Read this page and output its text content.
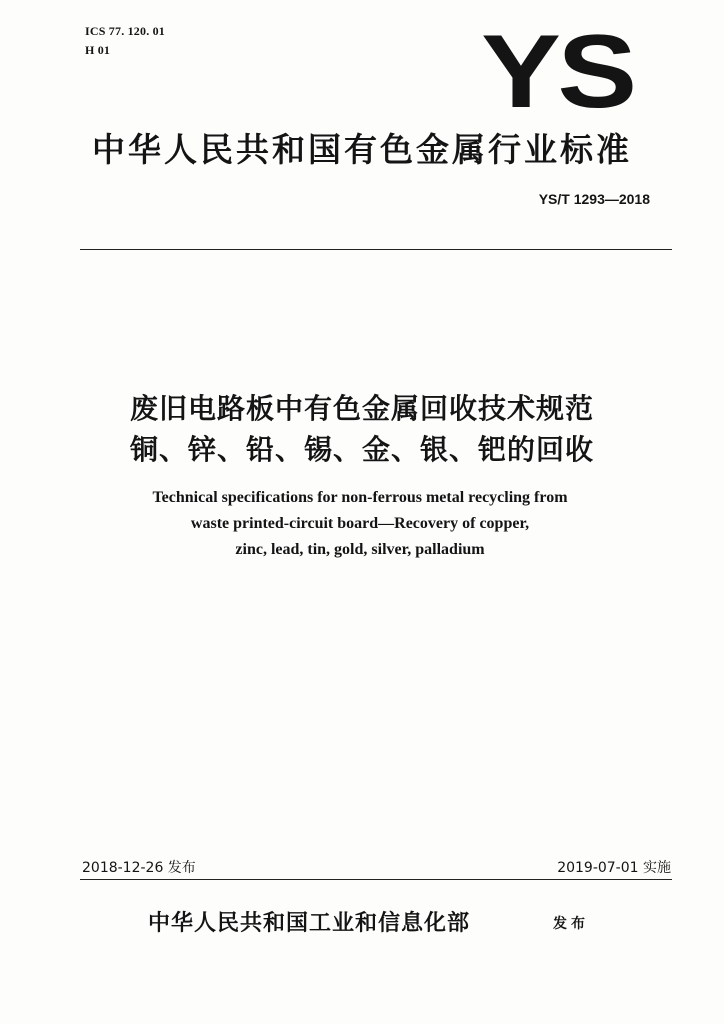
ICS 77. 120. 01
H 01	YS
中华人民共和国有色金属行业标准
YS/T 1293—2018
废旧电路板中有色金属回收技术规范
铜、锌、铅、锡、金、银、钯的回收
Technical specifications for non-ferrous metal recycling from
waste printed-circuit board—Recovery of copper,
zinc, lead, tin, gold, silver, palladium
2018-12-26 发布	2019-07-01 实施
中华人民共和国工业和信息化部	发布
